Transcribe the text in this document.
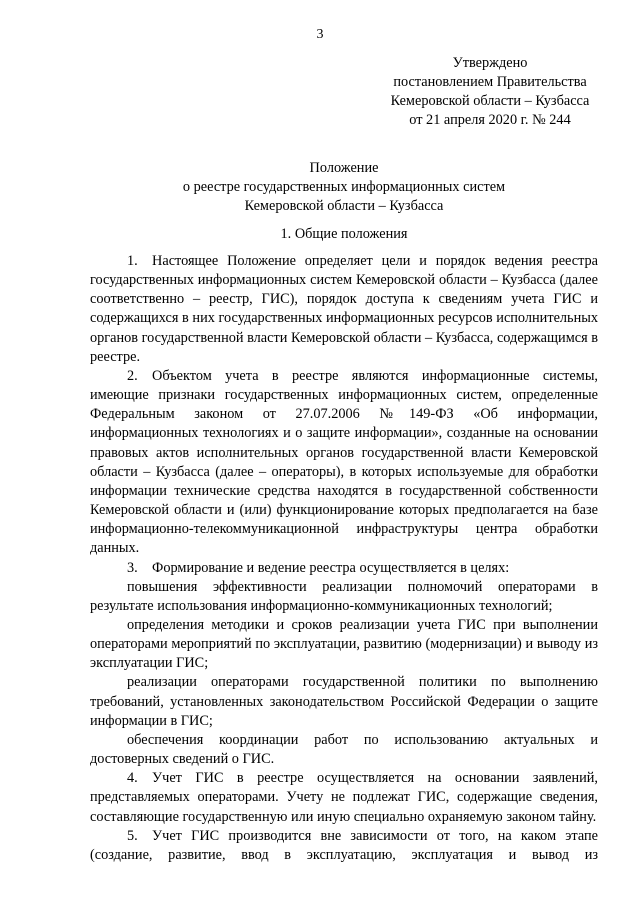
3
Утверждено
постановлением Правительства
Кемеровской области – Кузбасса
от 21 апреля 2020 г. № 244
Положение
о реестре государственных информационных систем
Кемеровской области – Кузбасса
1. Общие положения

1. Настоящее Положение определяет цели и порядок ведения реестра государственных информационных систем Кемеровской области – Кузбасса (далее соответственно – реестр, ГИС), порядок доступа к сведениям учета ГИС и содержащихся в них государственных информационных ресурсов исполнительных органов государственной власти Кемеровской области – Кузбасса, содержащимся в реестре.

2. Объектом учета в реестре являются информационные системы, имеющие признаки государственных информационных систем, определенные Федеральным законом от 27.07.2006 №149-ФЗ «Об информации, информационных технологиях и о защите информации», созданные на основании правовых актов исполнительных органов государственной власти Кемеровской области – Кузбасса (далее – операторы), в которых используемые для обработки информации технические средства находятся в государственной собственности Кемеровской области и (или) функционирование которых предполагается на базе информационно-телекоммуникационной инфраструктуры центра обработки данных.

3. Формирование и ведение реестра осуществляется в целях:

повышения эффективности реализации полномочий операторами в результате использования информационно-коммуникационных технологий;

определения методики и сроков реализации учета ГИС при выполнении операторами мероприятий по эксплуатации, развитию (модернизации) и выводу из эксплуатации ГИС;

реализации операторами государственной политики по выполнению требований, установленных законодательством Российской Федерации о защите информации в ГИС;

обеспечения координации работ по использованию актуальных и достоверных сведений о ГИС.

4. Учет ГИС в реестре осуществляется на основании заявлений, представляемых операторами. Учету не подлежат ГИС, содержащие сведения, составляющие государственную или иную специально охраняемую законом тайну.

5. Учет ГИС производится вне зависимости от того, на каком этапе (создание, развитие, ввод в эксплуатацию, эксплуатация и вывод из
